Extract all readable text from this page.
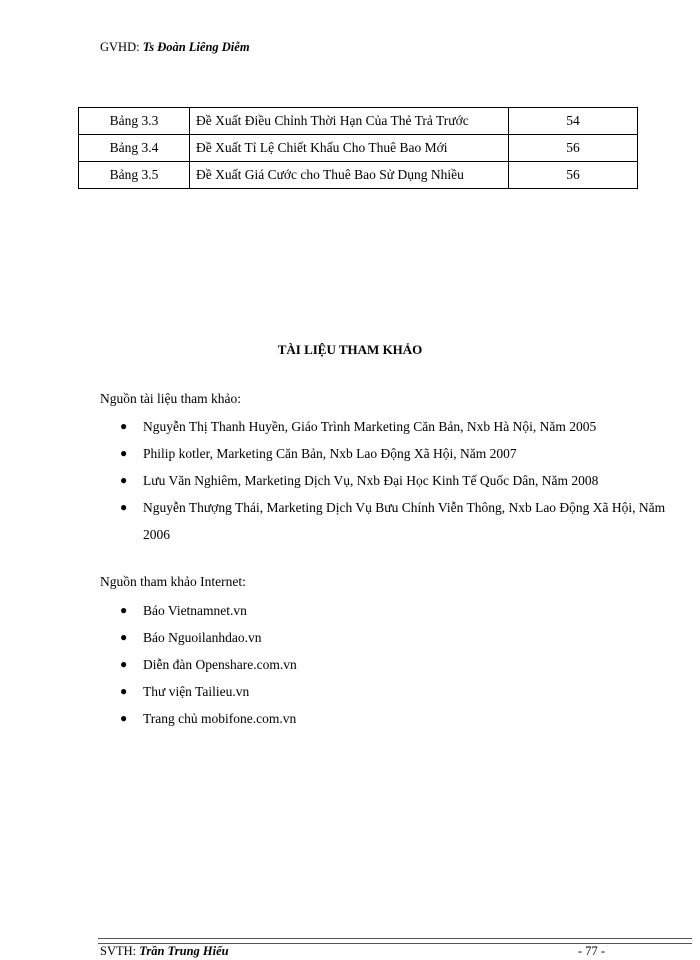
GVHD: Ts Đoàn Liêng Diễm
Bảng 3.3	Đề Xuất Điều Chỉnh Thời Hạn Của Thẻ Trả Trước	54
Bảng 3.4	Đề Xuất Tỉ Lệ Chiết Khấu Cho Thuê Bao Mới	56
Bảng 3.5	Đề Xuất Giá Cước cho Thuê Bao Sử Dụng Nhiều	56
TÀI LIỆU THAM KHẢO
Nguồn tài liệu tham khảo:
● Nguyễn Thị Thanh Huyền, Giáo Trình Marketing Căn Bản, Nxb Hà Nội, Năm 2005
● Philip kotler, Marketing Căn Bản, Nxb Lao Động Xã Hội, Năm 2007
● Lưu Văn Nghiêm, Marketing Dịch Vụ, Nxb Đại Học Kinh Tế Quốc Dân, Năm 2008
● Nguyễn Thượng Thái, Marketing Dịch Vụ Bưu Chính Viễn Thông, Nxb Lao Động Xã Hội, Năm 2006
Nguồn tham khảo Internet:
● Báo Vietnamnet.vn
● Báo Nguoilanhdao.vn
● Diễn đàn Openshare.com.vn
● Thư viện Tailieu.vn
● Trang chủ mobifone.com.vn
SVTH: Trần Trung Hiếu	- 77 -
